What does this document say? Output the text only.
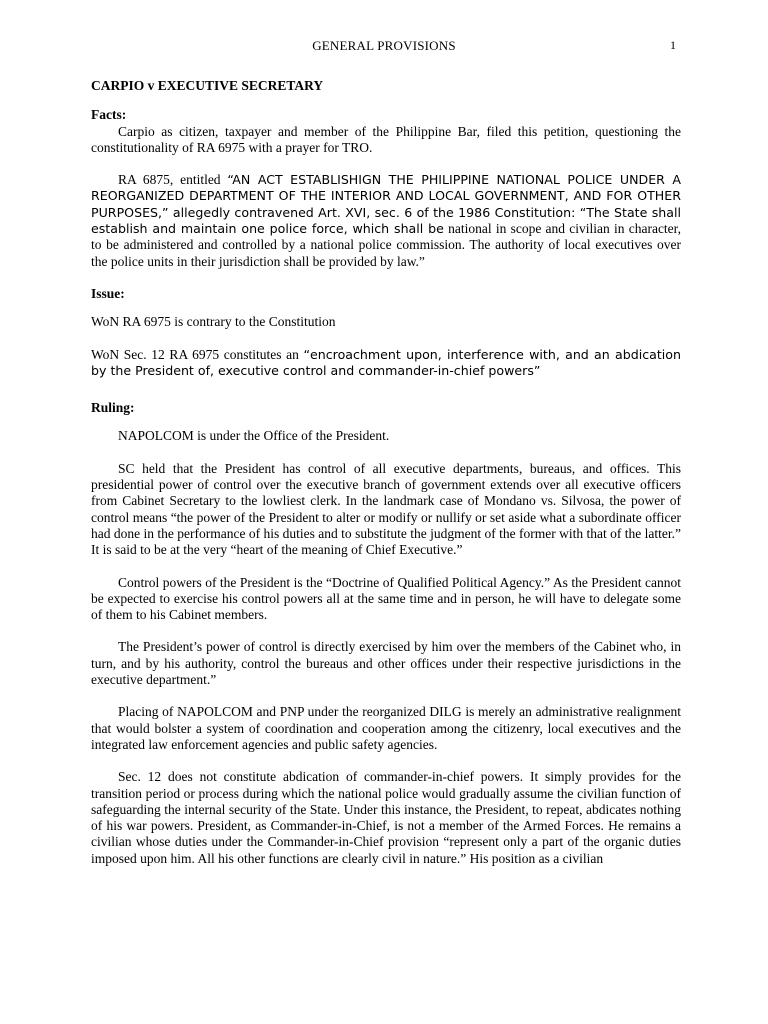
GENERAL PROVISIONS	1

CARPIO v EXECUTIVE SECRETARY

Facts:

Carpio as citizen, taxpayer and member of the Philippine Bar, filed this petition, questioning the constitutionality of RA 6975 with a prayer for TRO.

RA 6875, entitled “AN ACT ESTABLISHIGN THE PHILIPPINE NATIONAL POLICE UNDER A REORGANIZED DEPARTMENT OF THE INTERIOR AND LOCAL GOVERNMENT, AND FOR OTHER PURPOSES,” allegedly contravened Art. XVI, sec. 6 of the 1986 Constitution: “The State shall establish and maintain one police force, which shall be national in scope and civilian in character, to be administered and controlled by a national police commission. The authority of local executives over the police units in their jurisdiction shall be provided by law.”

Issue:

WoN RA 6975 is contrary to the Constitution

WoN Sec. 12 RA 6975 constitutes an “encroachment upon, interference with, and an abdication by the President of, executive control and commander-in-chief powers”

Ruling:

NAPOLCOM is under the Office of the President.

SC held that the President has control of all executive departments, bureaus, and offices. This presidential power of control over the executive branch of government extends over all executive officers from Cabinet Secretary to the lowliest clerk. In the landmark case of Mondano vs. Silvosa, the power of control means “the power of the President to alter or modify or nullify or set aside what a subordinate officer had done in the performance of his duties and to substitute the judgment of the former with that of the latter.” It is said to be at the very “heart of the meaning of Chief Executive.”

Control powers of the President is the “Doctrine of Qualified Political Agency.” As the President cannot be expected to exercise his control powers all at the same time and in person, he will have to delegate some of them to his Cabinet members.

The President’s power of control is directly exercised by him over the members of the Cabinet who, in turn, and by his authority, control the bureaus and other offices under their respective jurisdictions in the executive department.”

Placing of NAPOLCOM and PNP under the reorganized DILG is merely an administrative realignment that would bolster a system of coordination and cooperation among the citizenry, local executives and the integrated law enforcement agencies and public safety agencies.

Sec. 12 does not constitute abdication of commander-in-chief powers. It simply provides for the transition period or process during which the national police would gradually assume the civilian function of safeguarding the internal security of the State. Under this instance, the President, to repeat, abdicates nothing of his war powers. President, as Commander-in-Chief, is not a member of the Armed Forces. He remains a civilian whose duties under the Commander-in-Chief provision “represent only a part of the organic duties imposed upon him. All his other functions are clearly civil in nature.” His position as a civilian
